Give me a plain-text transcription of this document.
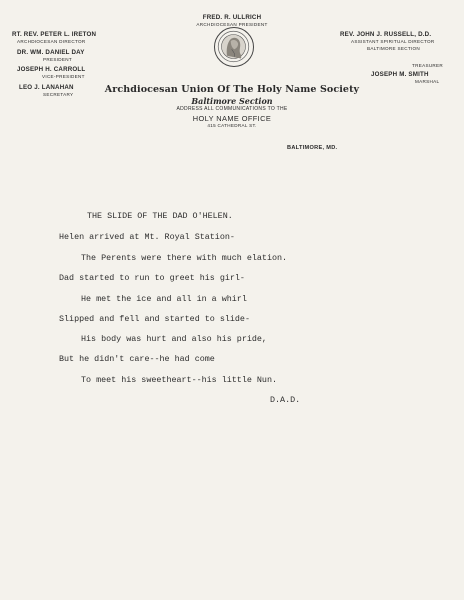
FRED. R. ULLRICH
ARCHDIOCESAN PRESIDENT
RT. REV. PETER L. IRETON
ARCHDIOCESAN DIRECTOR
DR. WM. DANIEL DAY
PRESIDENT
JOSEPH H. CARROLL
VICE-PRESIDENT
LEO J. LANAHAN
SECRETARY
REV. JOHN J. RUSSELL, D.D.
ASSISTANT SPIRITUAL DIRECTOR
BALTIMORE SECTION
TREASURER
JOSEPH M. SMITH
MARSHAL
Archdiocesan Union Of The Holy Name Society
Baltimore Section
ADDRESS ALL COMMUNICATIONS TO THE
HOLY NAME OFFICE
415 CATHEDRAL ST.
BALTIMORE, MD.
THE SLIDE OF THE DAD O'HELEN.
Helen arrived at Mt. Royal Station-
The Perents were there with much elation.
Dad started to run to greet his girl-
He met the ice and all in a whirl
Slipped and fell and started to slide-
His body was hurt and also his pride,
But he didn't care--he had come
To meet his sweetheart--his little Nun.
D.A.D.
